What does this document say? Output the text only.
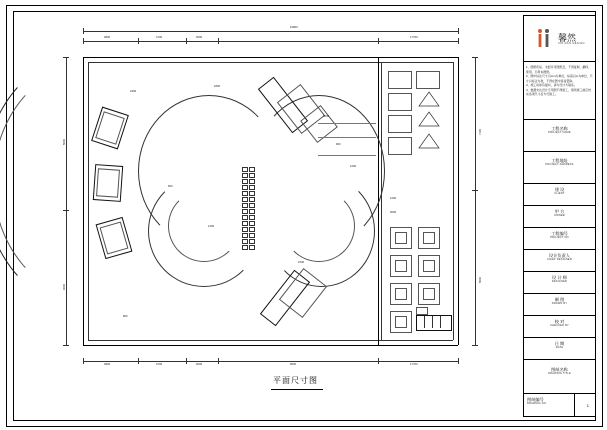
4800	4700	3000
16800
17700
4800	4700	3000	9500	17700
5600
3000
7100
5600
2400
1800
3600
900
1200
600
2100
1500
3000
1200
800
平面尺寸图
馨然
XIN RAN DESIGN
1、图纸所标、未经许可图纸及，不得复制、翻印、使用、引用本图纸。
2、图中标注尺寸以mm为单位，标高以m为单位，尺寸以标注为准，不得在图中直接量取。
3、施工时如有疑问，请与设计方联系。
4、数据未达设计专用图不得施工，现场施工前应核实各项尺寸后方可施工。
工程名称
PROJECT NAME
工程地址
PROJECT ADDRESS
建 设
CLIENT
甲 方
OWNER
工程编号
PROJECT NO
设计负责人
CHIEF DESIGNER
设 计 师
DESIGNER
制 图
DRAWN BY
校 对
CHECKED BY
日 期
DATE
图纸名称
DRAWING TITLE
图纸编号
DRAWING NO.	1
